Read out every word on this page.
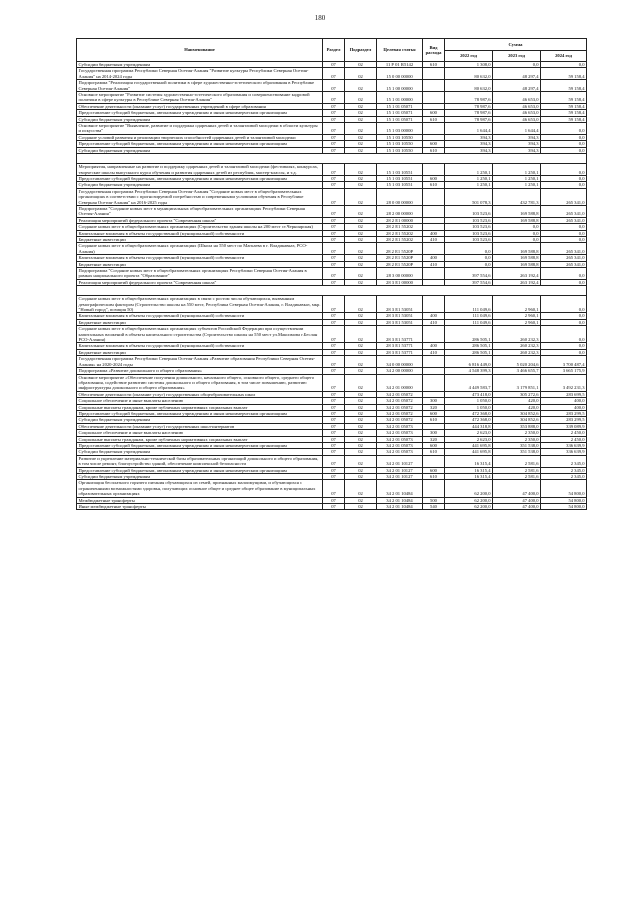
180
Наименование	Раздел	Подраздел	Целевая статья	Вид расхода	Сумма		
					2022 год	2023 год	2024 год
Субсидии бюджетным учреждениям	07	02	11 Р 01 R5142	610	1 308,0	0,0	0,0
Государственная программа Республики Северная Осетия-Алания "Развитие культуры Республики Северная Осетия-Алания" на 2014-2024 годы	07	02	15 0 00 00000		80 632,0	48 297,4	59 158,4
Подпрограмма "Реализация государственной политики в сфере художественно-эстетического образования в Республике Северная Осетия-Алания"	07	02	15 1 00 00000		80 632,0	48 297,4	59 158,4
Основное мероприятие "Развитие системы художественно-эстетического образования и совершенствование кадровой политики в сфере культуры в Республике Северная Осетия-Алания"	07	02	15 1 01 00000		78 987,6	46 653,0	59 158,4
Обеспечение деятельности (оказание услуг) государственных учреждений в сфере образования	07	02	15 1 01 05071		78 987,6	46 653,0	59 158,4
Предоставление субсидий бюджетным, автономным учреждениям и иным некоммерческим организациям	07	02	15 1 01 05071	600	78 987,6	46 653,0	59 158,4
Субсидии бюджетным учреждениям	07	02	15 1 01 05071	610	78 987,6	46 653,0	59 158,4
Основное мероприятие "Выявление, развитие и поддержка одаренных детей и талантливой молодежи в области культуры и искусства"	07	02	15 1 03 00000		1 644,4	1 644,4	0,0
Создание условий развития и реализации творческих способностей одаренных детей и талантливой молодежи	07	02	15 1 03 10550		394,3	394,3	0,0
Предоставление субсидий бюджетным, автономным учреждениям и иным некоммерческим организациям	07	02	15 1 03 10550	600	394,3	394,3	0,0
Субсидии бюджетным учреждениям	07	02	15 1 03 10550	610	394,3	394,3	0,0

Мероприятия, направленные на развитие и поддержку одаренных детей и талантливой молодежи (фестивалях, конкурсах, творческие школы выпускного курса обучения и развития одаренных детей из республик, мастер-классы, и т.д.	07	02	15 1 03 10551		1 250,1	1 250,1	0,0
Предоставление субсидий бюджетным, автономным учреждениям и иным некоммерческим организациям	07	02	15 1 03 10551	600	1 250,1	1 250,1	0,0
Субсидии бюджетным учреждениям	07	02	15 1 03 10551	610	1 250,1	1 250,1	0,0
Государственная программа Республики Северная Осетия-Алания "Создание новых мест в общеобразовательных организациях в соответствии с прогнозируемой потребностью и современными условиями обучения в Республике Северная Осетия-Алания" на 2016-2025 годы	07	02	28 0 00 00000		501 078,3	432 781,3	265 341,0
Подпрограмма "Создание новых мест в муниципальных общеобразовательных организациях Республики Северная Осетия-Алания"	07	02	28 2 00 00000		103 523,6	169 588,8	265 341,0
Реализация мероприятий федерального проекта "Современная школа"	07	02	28 2 Е1 00000		103 523,6	169 588,8	265 341,0
Создание новых мест в общеобразовательных организациях (Строительство здания школы на 200 мест ст.Черноярская)	07	02	28 2 Е1 55202		103 523,6	0,0	0,0
Капитальные вложения в объекты государственной (муниципальной) собственности	07	02	28 2 Е1 55202	400	103 523,6	0,0	0,0
Бюджетные инвестиции	07	02	28 2 Е1 55202	410	103 523,6	0,0	0,0
Создание новых мест в общеобразовательных организациях (Школа на 550 мест по Магкаева в г. Владикавказ, РСО-Алания)	07	02	28 2 Е1 5520Р		0,0	169 588,8	265 341,0
Капитальные вложения в объекты государственной (муниципальной) собственности	07	02	28 2 Е1 5520Р	400	0,0	169 588,8	265 341,0
Бюджетные инвестиции	07	02	28 2 Е1 5520Р	410	0,0	169 588,8	265 341,0
Подпрограмма "Создание новых мест в общеобразовательных организациях Республики Северная Осетия-Алания в рамках национального проекта "Образование"	07	02	28 3 00 00000		397 554,6	263 192,4	0,0
Реализация мероприятий федерального проекта "Современная школа"	07	02	28 3 Е1 00000		397 554,6	263 192,4	0,0

Создание новых мест в общеобразовательных организациях в связи с ростом числа обучающихся, вызванным демографическим фактором (Строительство школы на 550 мест, Республика Северная Осетия-Алания, г. Владикавказ, мкр. "Новый город", позиция 50)	07	02	28 3 Е1 53051		111 049,6	2 960,1	0,0
Капитальные вложения в объекты государственной (муниципальной) собственности	07	02	28 3 Е1 53051	400	111 049,6	2 960,1	0,0
Бюджетные инвестиции	07	02	28 3 Е1 53051	410	111 049,6	2 960,1	0,0
Создание новых мест в общеобразовательных организациях субъектов Российской Федерации при осуществлении капитальных вложений в объекты капитального строительства (Строительство школы на 550 мест ул.Максимова г.Беслан РСО-Алания)	07	02	28 3 Е1 53771		286 505,1	260 232,3	0,0
Капитальные вложения в объекты государственной (муниципальной) собственности	07	02	28 3 Е1 53771	400	286 505,1	260 232,3	0,0
Бюджетные инвестиции	07	02	28 3 Е1 53771	410	286 505,1	260 232,3	0,0
Государственная программа Республики Северная Осетия-Алания «Развитие образования Республики Северная Осетия-Алания» на 2020-2024 годы	07	02	34 0 00 00000		6 816 449,0	5 020 204,6	3 700 487,4
Подпрограмма «Развитие дошкольного и общего образования»	07	02	34 2 00 00000		4 548 399,3	3 466 655,7	3 665 175,9
Основное мероприятие «Обеспечение получения дошкольного, начального общего, основного общего, среднего общего образования, содействие развитию системы дошкольного и общего образования, в том числе повышению, развитию инфраструктуры дошкольного и общего образования»	07	02	34 2 01 00000		4 449 583,7	3 179 851,1	3 492 231,3
Обеспечение деятельности (оказание услуг) государственных общеобразовательных школ	07	02	34 2 01 05072		473 418,0	305 272,6	283 699,5
Социальное обеспечение и иные выплаты населению	07	02	34 2 01 05072	300	1 050,0	420,0	400,0
Социальные выплаты гражданам, кроме публичных нормативных социальных выплат	07	02	34 2 01 05072	320	1 050,0	420,0	400,0
Предоставление субсидий бюджетным, автономным учреждениям и иным некоммерческим организациям	07	02	34 2 01 05072	600	472 368,0	304 852,6	283 299,5
Субсидии бюджетным учреждениям	07	02	34 2 01 05072	610	472 368,0	304 852,6	283 299,5
Обеспечение деятельности (оказание услуг) государственных школ-интернатов	07	02	34 2 01 05073		444 318,8	353 888,0	339 089,9
Социальное обеспечение и иные выплаты населению	07	02	34 2 01 05073	300	2 623,0	2 350,0	2 450,0
Социальные выплаты гражданам, кроме публичных нормативных социальных выплат	07	02	34 2 01 05073	320	2 623,0	2 350,0	2 450,0
Предоставление субсидий бюджетным, автономным учреждениям и иным некоммерческим организациям	07	02	34 2 01 05073	600	441 695,8	351 538,0	336 639,9
Субсидии бюджетным учреждениям	07	02	34 2 01 05073	610	441 695,8	351 538,0	336 639,9
Развитие и укрепление материально-технической базы образовательных организаций дошкольного и общего образования, в том числе ремонт, благоустройство зданий, обеспечение комплексной безопасности	07	02	34 2 01 10127		16 315,4	2 581,6	2 345,0
Предоставление субсидий бюджетным, автономным учреждениям и иным некоммерческим организациям	07	02	34 2 01 10127	600	16 315,4	2 581,6	2 345,0
Субсидии бюджетным учреждениям	07	02	34 2 01 10127	610	16 315,4	2 581,6	2 345,0
Организация бесплатного горячего питания обучающихся из семей, признанных малоимущими, и обучающихся с ограниченными возможностями здоровья, получающих основное общее и среднее общее образование в муниципальных образовательных организациях	07	02	34 2 01 10484		62 200,0	47 400,0	54 800,0
Межбюджетные трансферты	07	02	34 2 01 10484	500	62 200,0	47 400,0	54 800,0
Иные межбюджетные трансферты	07	02	34 2 01 10484	540	62 200,0	47 400,0	54 800,0
